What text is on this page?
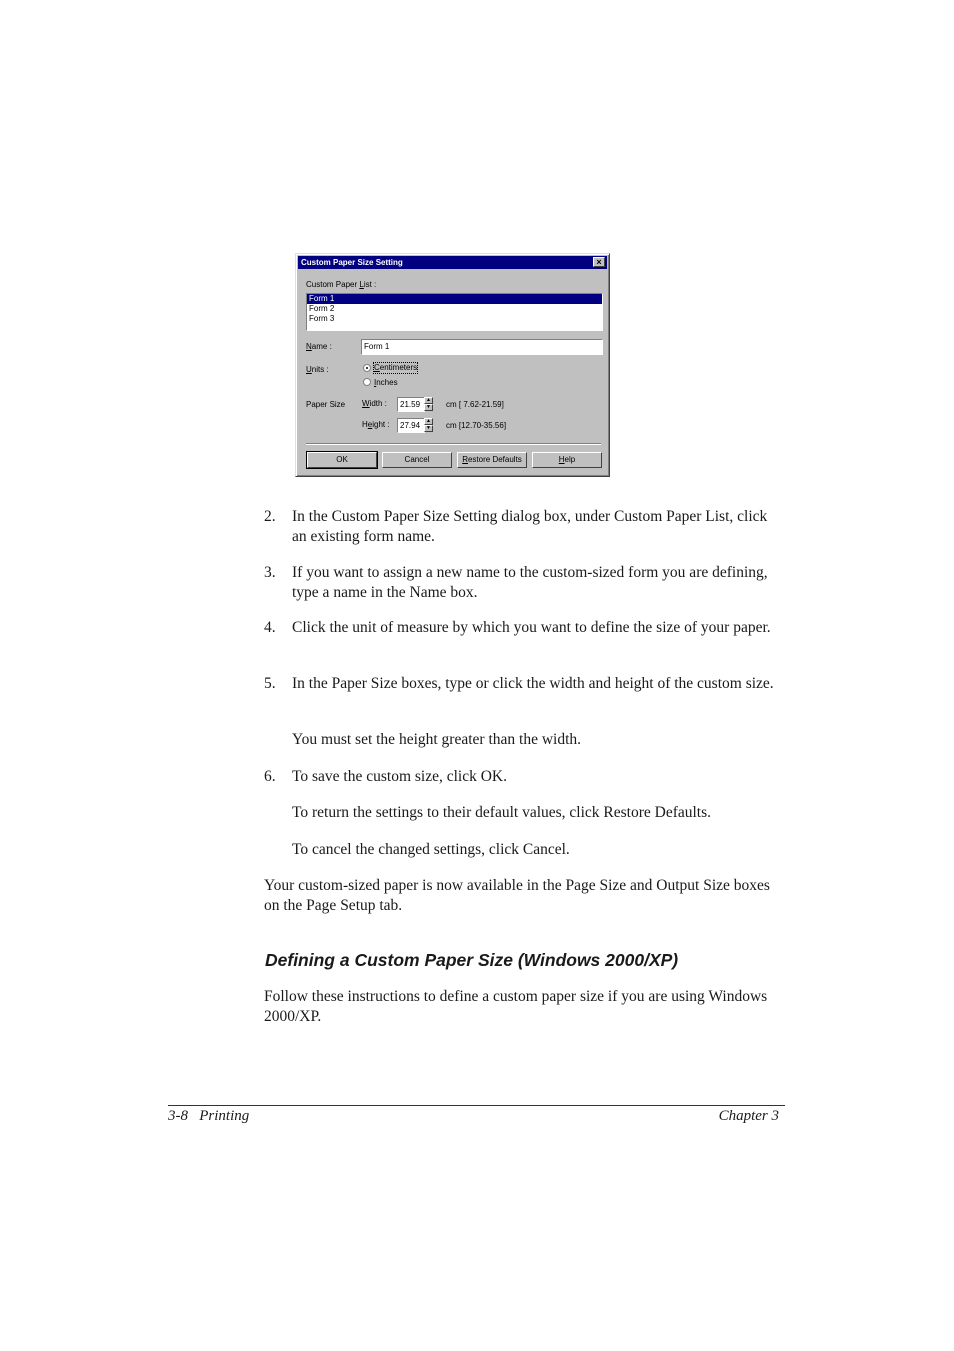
Custom Paper Size Setting	×
Custom Paper List :
Form 1
Form 2
Form 3
Name :	Form 1
Units :	Centimeters
Inches
Paper Size Width :	21.59	▲
▼ cm [ 7.62-21.59]
Height :	27.94	▲
▼ cm [12.70-35.56]
OK	Cancel	Restore Defaults	Help
2. In the Custom Paper Size Setting dialog box, under Custom Paper List, click an existing form name.
3. If you want to assign a new name to the custom-sized form you are defining, type a name in the Name box.
4. Click the unit of measure by which you want to define the size of your paper.
5. In the Paper Size boxes, type or click the width and height of the custom size.
You must set the height greater than the width.
6. To save the custom size, click OK.
To return the settings to their default values, click Restore Defaults.
To cancel the changed settings, click Cancel.
Your custom-sized paper is now available in the Page Size and Output Size boxes on the Page Setup tab.
Defining a Custom Paper Size (Windows 2000/XP)
Follow these instructions to define a custom paper size if you are using Windows 2000/XP.
3-8   Printing	Chapter 3
